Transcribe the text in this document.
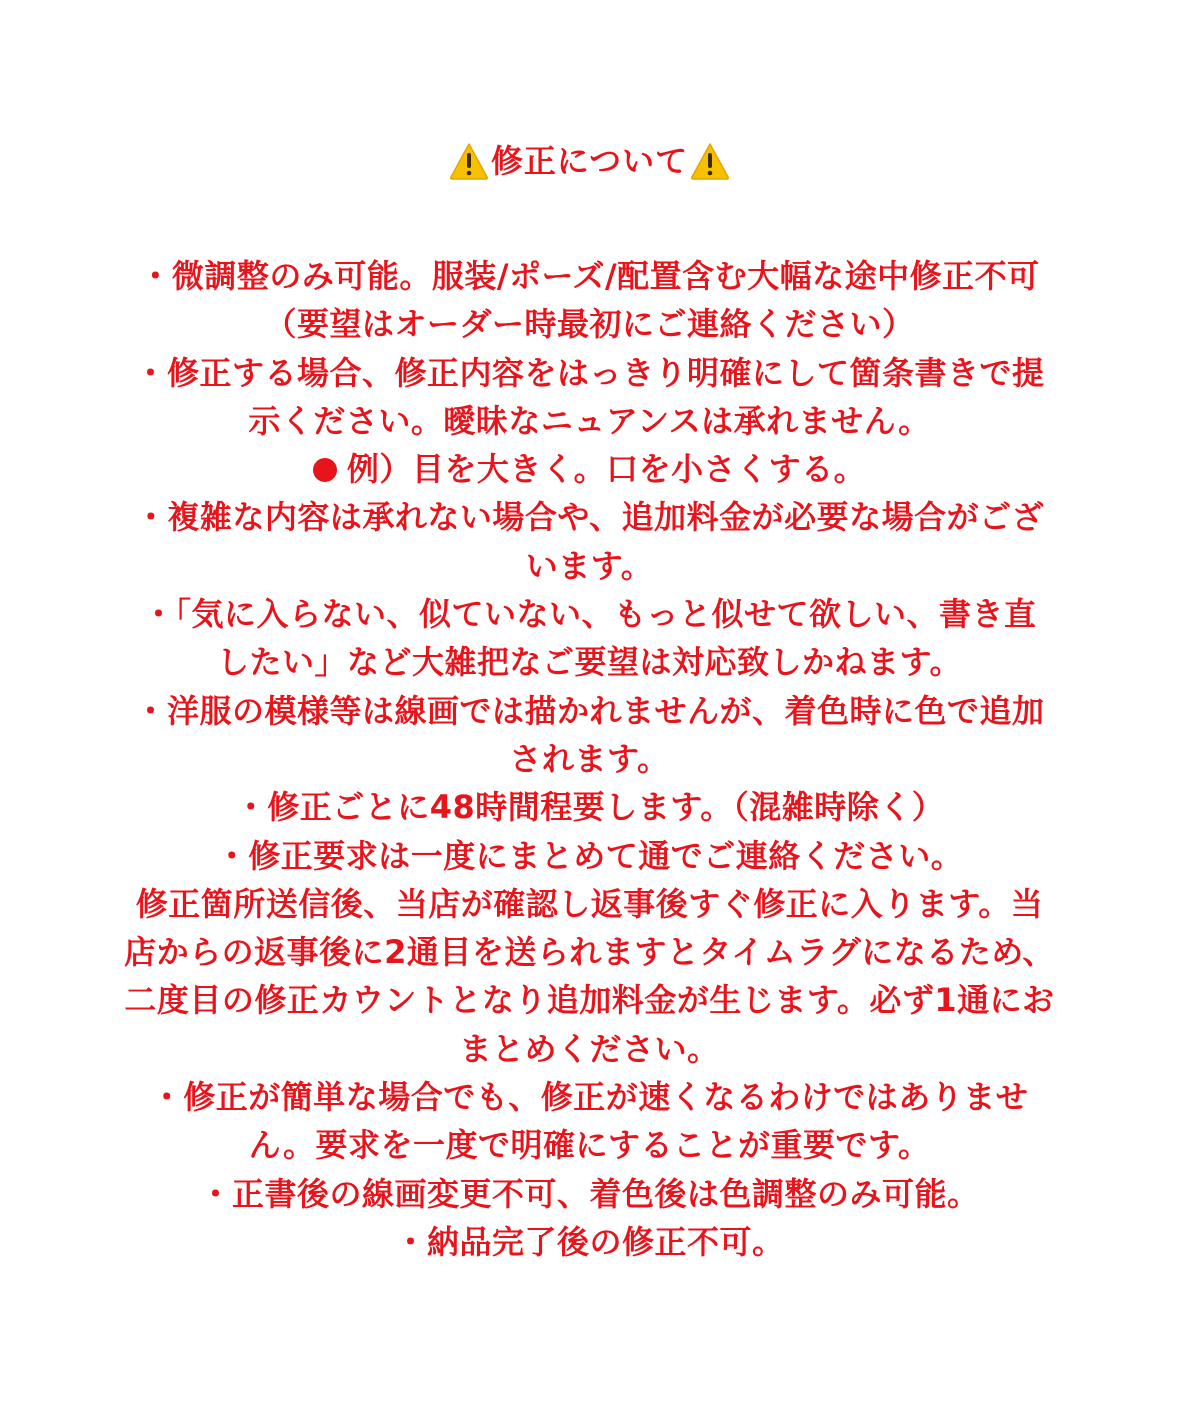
修正について
・微調整のみ可能。服装/ポーズ/配置含む大幅な途中修正不可
（要望はオーダー時最初にご連絡ください）
・修正する場合、修正内容をはっきり明確にして箇条書きで提
示ください。曖昧なニュアンスは承れません。
例）目を大きく。口を小さくする。
・複雑な内容は承れない場合や、追加料金が必要な場合がござ
います。
・「気に入らない、似ていない、もっと似せて欲しい、書き直
したい」など大雑把なご要望は対応致しかねます。
・洋服の模様等は線画では描かれませんが、着色時に色で追加
されます。
・修正ごとに48時間程要します。（混雑時除く）
・修正要求は一度にまとめて通でご連絡ください。
修正箇所送信後、当店が確認し返事後すぐ修正に入ります。当
店からの返事後に2通目を送られますとタイムラグになるため、
二度目の修正カウントとなり追加料金が生じます。必ず1通にお
まとめください。
・修正が簡単な場合でも、修正が速くなるわけではありませ
ん。要求を一度で明確にすることが重要です。
・正書後の線画変更不可、着色後は色調整のみ可能。
・納品完了後の修正不可。
